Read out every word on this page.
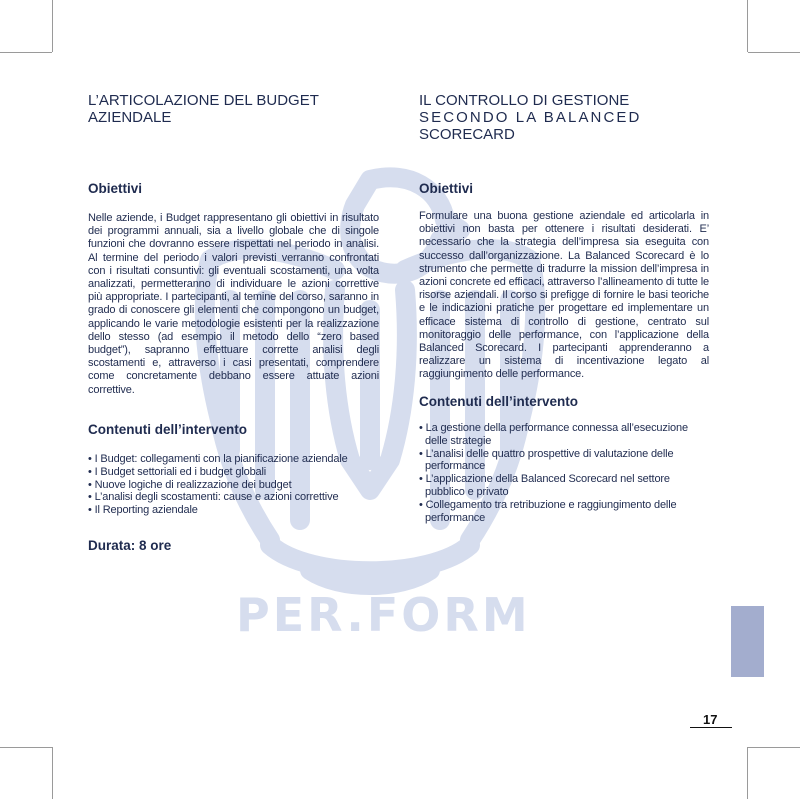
PER.FORM
L’ARTICOLAZIONE DEL BUDGET
AZIENDALE
Obiettivi

Nelle aziende, i Budget rappresentano gli obiettivi in risultato dei programmi annuali, sia a livello globale che di singole funzioni che dovranno essere rispettati nel periodo in analisi. Al termine del periodo i valori previsti verranno confrontati con i risultati consuntivi: gli eventuali scostamenti, una volta analizzati, permetteranno di individuare le azioni correttive più appropriate. I partecipanti, al temine del corso, saranno in grado di conoscere gli elementi che compongono un budget, applicando le varie metodologie esistenti per la realizzazione dello stesso (ad esempio il metodo dello “zero based budget”), sapranno effettuare corrette analisi degli scostamenti e, attraverso i casi presentati, comprendere come concretamente debbano essere attuate azioni correttive.

Contenuti dell’intervento
• I Budget: collegamenti con la pianificazione aziendale
• I Budget settoriali ed i budget globali
• Nuove logiche di realizzazione dei budget
• L’analisi degli scostamenti: cause e azioni correttive
• Il Reporting aziendale

Durata: 8 ore

IL CONTROLLO DI GESTIONE
SECONDO LA BALANCED
SCORECARD
Obiettivi

Formulare una buona gestione aziendale ed articolarla in obiettivi non basta per ottenere i risultati desiderati. E’ necessario che la strategia dell’impresa sia eseguita con successo dall’organizzazione. La Balanced Scorecard è lo strumento che permette di tradurre la mission dell’impresa in azioni concrete ed efficaci, attraverso l’allineamento di tutte le risorse aziendali. Il corso si prefigge di fornire le basi teoriche e le indicazioni pratiche per progettare ed implementare un efficace sistema di controllo di gestione, centrato sul monitoraggio delle performance, con l’applicazione della Balanced Scorecard. I partecipanti apprenderanno a realizzare un sistema di incentivazione legato al raggiungimento delle performance.

Contenuti dell’intervento
• La gestione della performance connessa all’esecuzione delle strategie
• L’analisi delle quattro prospettive di valutazione delle performance
• L’applicazione della Balanced Scorecard nel settore pubblico e privato
• Collegamento tra retribuzione e raggiungimento delle performance
17
